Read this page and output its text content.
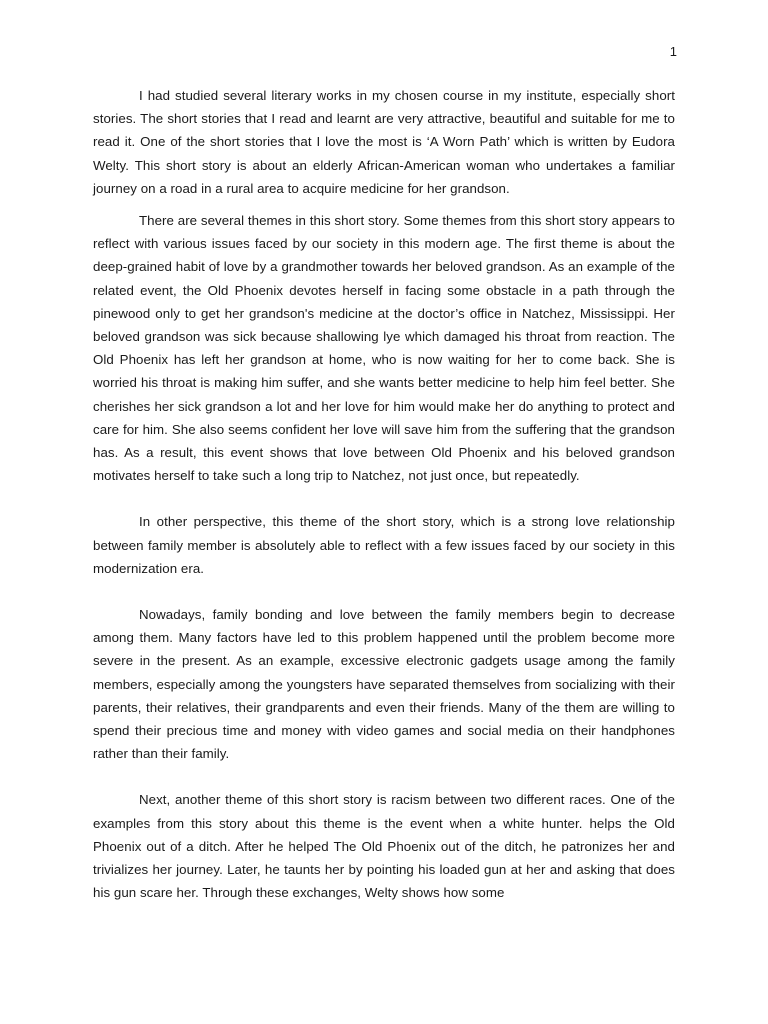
1

I had studied several literary works in my chosen course in my institute, especially short stories. The short stories that I read and learnt are very attractive, beautiful and suitable for me to read it. One of the short stories that I love the most is ‘A Worn Path’ which is written by Eudora Welty. This short story is about an elderly African-American woman who undertakes a familiar journey on a road in a rural area to acquire medicine for her grandson.

There are several themes in this short story. Some themes from this short story appears to reflect with various issues faced by our society in this modern age. The first theme is about the deep-grained habit of love by a grandmother towards her beloved grandson. As an example of the related event, the Old Phoenix devotes herself in facing some obstacle in a path through the pinewood only to get her grandson's medicine at the doctor’s office in Natchez, Mississippi. Her beloved grandson was sick because shallowing lye which damaged his throat from reaction. The Old Phoenix has left her grandson at home, who is now waiting for her to come back. She is worried his throat is making him suffer, and she wants better medicine to help him feel better. She cherishes her sick grandson a lot and her love for him would make her do anything to protect and care for him. She also seems confident her love will save him from the suffering that the grandson has. As a result, this event shows that love between Old Phoenix and his beloved grandson motivates herself to take such a long trip to Natchez, not just once, but repeatedly.

In other perspective, this theme of the short story, which is a strong love relationship between family member is absolutely able to reflect with a few issues faced by our society in this modernization era.

Nowadays, family bonding and love between the family members begin to decrease among them. Many factors have led to this problem happened until the problem become more severe in the present. As an example, excessive electronic gadgets usage among the family members, especially among the youngsters have separated themselves from socializing with their parents, their relatives, their grandparents and even their friends. Many of the them are willing to spend their precious time and money with video games and social media on their handphones rather than their family.

Next, another theme of this short story is racism between two different races. One of the examples from this story about this theme is the event when a white hunter. helps the Old Phoenix out of a ditch. After he helped The Old Phoenix out of the ditch, he patronizes her and trivializes her journey. Later, he taunts her by pointing his loaded gun at her and asking that does his gun scare her. Through these exchanges, Welty shows how some
